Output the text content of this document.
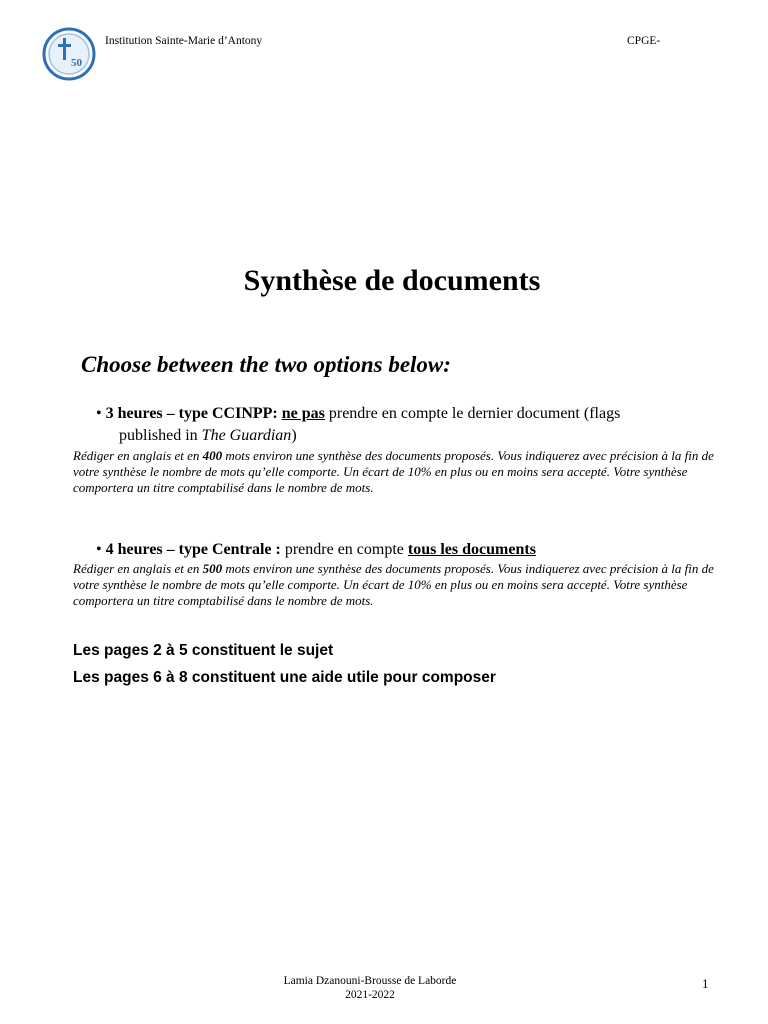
50
Institution Sainte-Marie d’Antony	CPGE-
Synthèse de documents
Choose between the two options below:
• 3 heures – type CCINPP: ne pas prendre en compte le dernier document (flags
published in The Guardian)
Rédiger en anglais et en 400 mots environ une synthèse des documents proposés. Vous indiquerez avec précision à la fin de votre synthèse le nombre de mots qu’elle comporte. Un écart de 10% en plus ou en moins sera accepté. Votre synthèse comportera un titre comptabilisé dans le nombre de mots.
• 4 heures – type Centrale : prendre en compte tous les documents
Rédiger en anglais et en 500 mots environ une synthèse des documents proposés. Vous indiquerez avec précision à la fin de votre synthèse le nombre de mots qu’elle comporte. Un écart de 10% en plus ou en moins sera accepté. Votre synthèse comportera un titre comptabilisé dans le nombre de mots.
Les pages 2 à 5 constituent le sujet
Les pages 6 à 8 constituent une aide utile pour composer
Lamia Dzanouni-Brousse de Laborde
2021-2022
1
